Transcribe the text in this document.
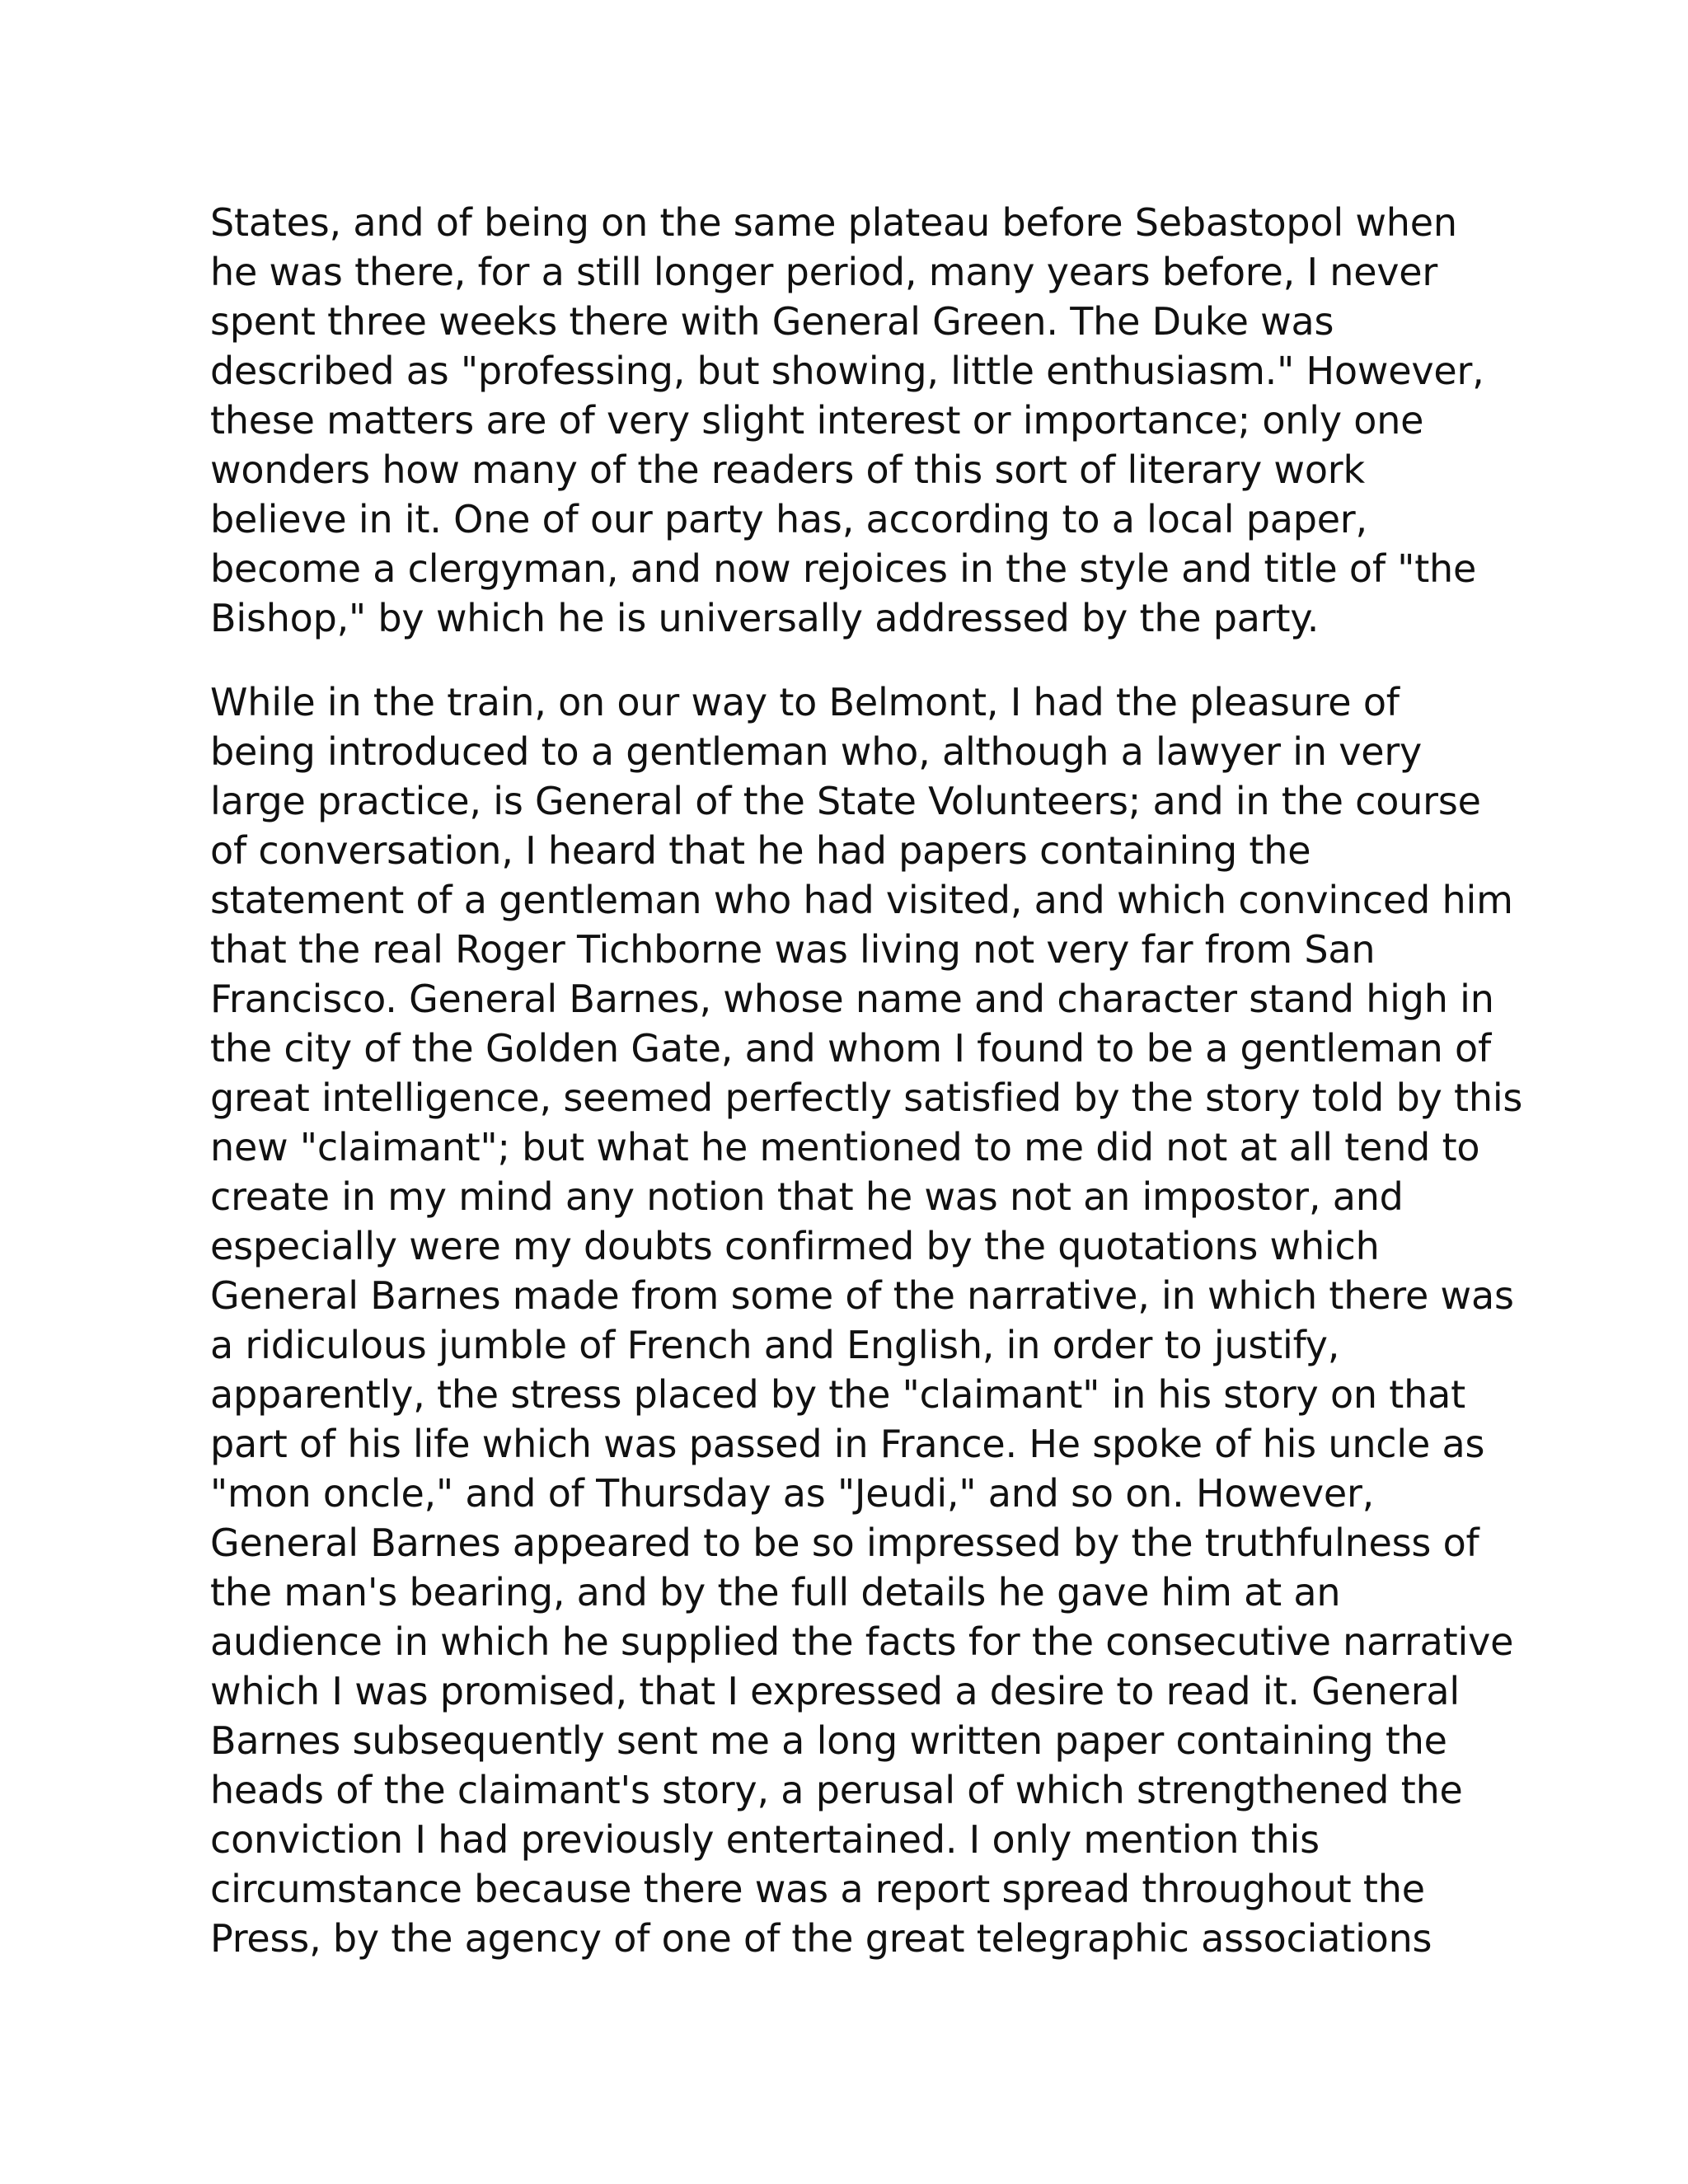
States, and of being on the same plateau before Sebastopol when
he was there, for a still longer period, many years before, I never
spent three weeks there with General Green. The Duke was
described as "professing, but showing, little enthusiasm." However,
these matters are of very slight interest or importance; only one
wonders how many of the readers of this sort of literary work
believe in it. One of our party has, according to a local paper,
become a clergyman, and now rejoices in the style and title of "the
Bishop," by which he is universally addressed by the party.
While in the train, on our way to Belmont, I had the pleasure of
being introduced to a gentleman who, although a lawyer in very
large practice, is General of the State Volunteers; and in the course
of conversation, I heard that he had papers containing the
statement of a gentleman who had visited, and which convinced him
that the real Roger Tichborne was living not very far from San
Francisco. General Barnes, whose name and character stand high in
the city of the Golden Gate, and whom I found to be a gentleman of
great intelligence, seemed perfectly satisfied by the story told by this
new "claimant"; but what he mentioned to me did not at all tend to
create in my mind any notion that he was not an impostor, and
especially were my doubts confirmed by the quotations which
General Barnes made from some of the narrative, in which there was
a ridiculous jumble of French and English, in order to justify,
apparently, the stress placed by the "claimant" in his story on that
part of his life which was passed in France. He spoke of his uncle as
"mon oncle," and of Thursday as "Jeudi," and so on. However,
General Barnes appeared to be so impressed by the truthfulness of
the man's bearing, and by the full details he gave him at an
audience in which he supplied the facts for the consecutive narrative
which I was promised, that I expressed a desire to read it. General
Barnes subsequently sent me a long written paper containing the
heads of the claimant's story, a perusal of which strengthened the
conviction I had previously entertained. I only mention this
circumstance because there was a report spread throughout the
Press, by the agency of one of the great telegraphic associations
